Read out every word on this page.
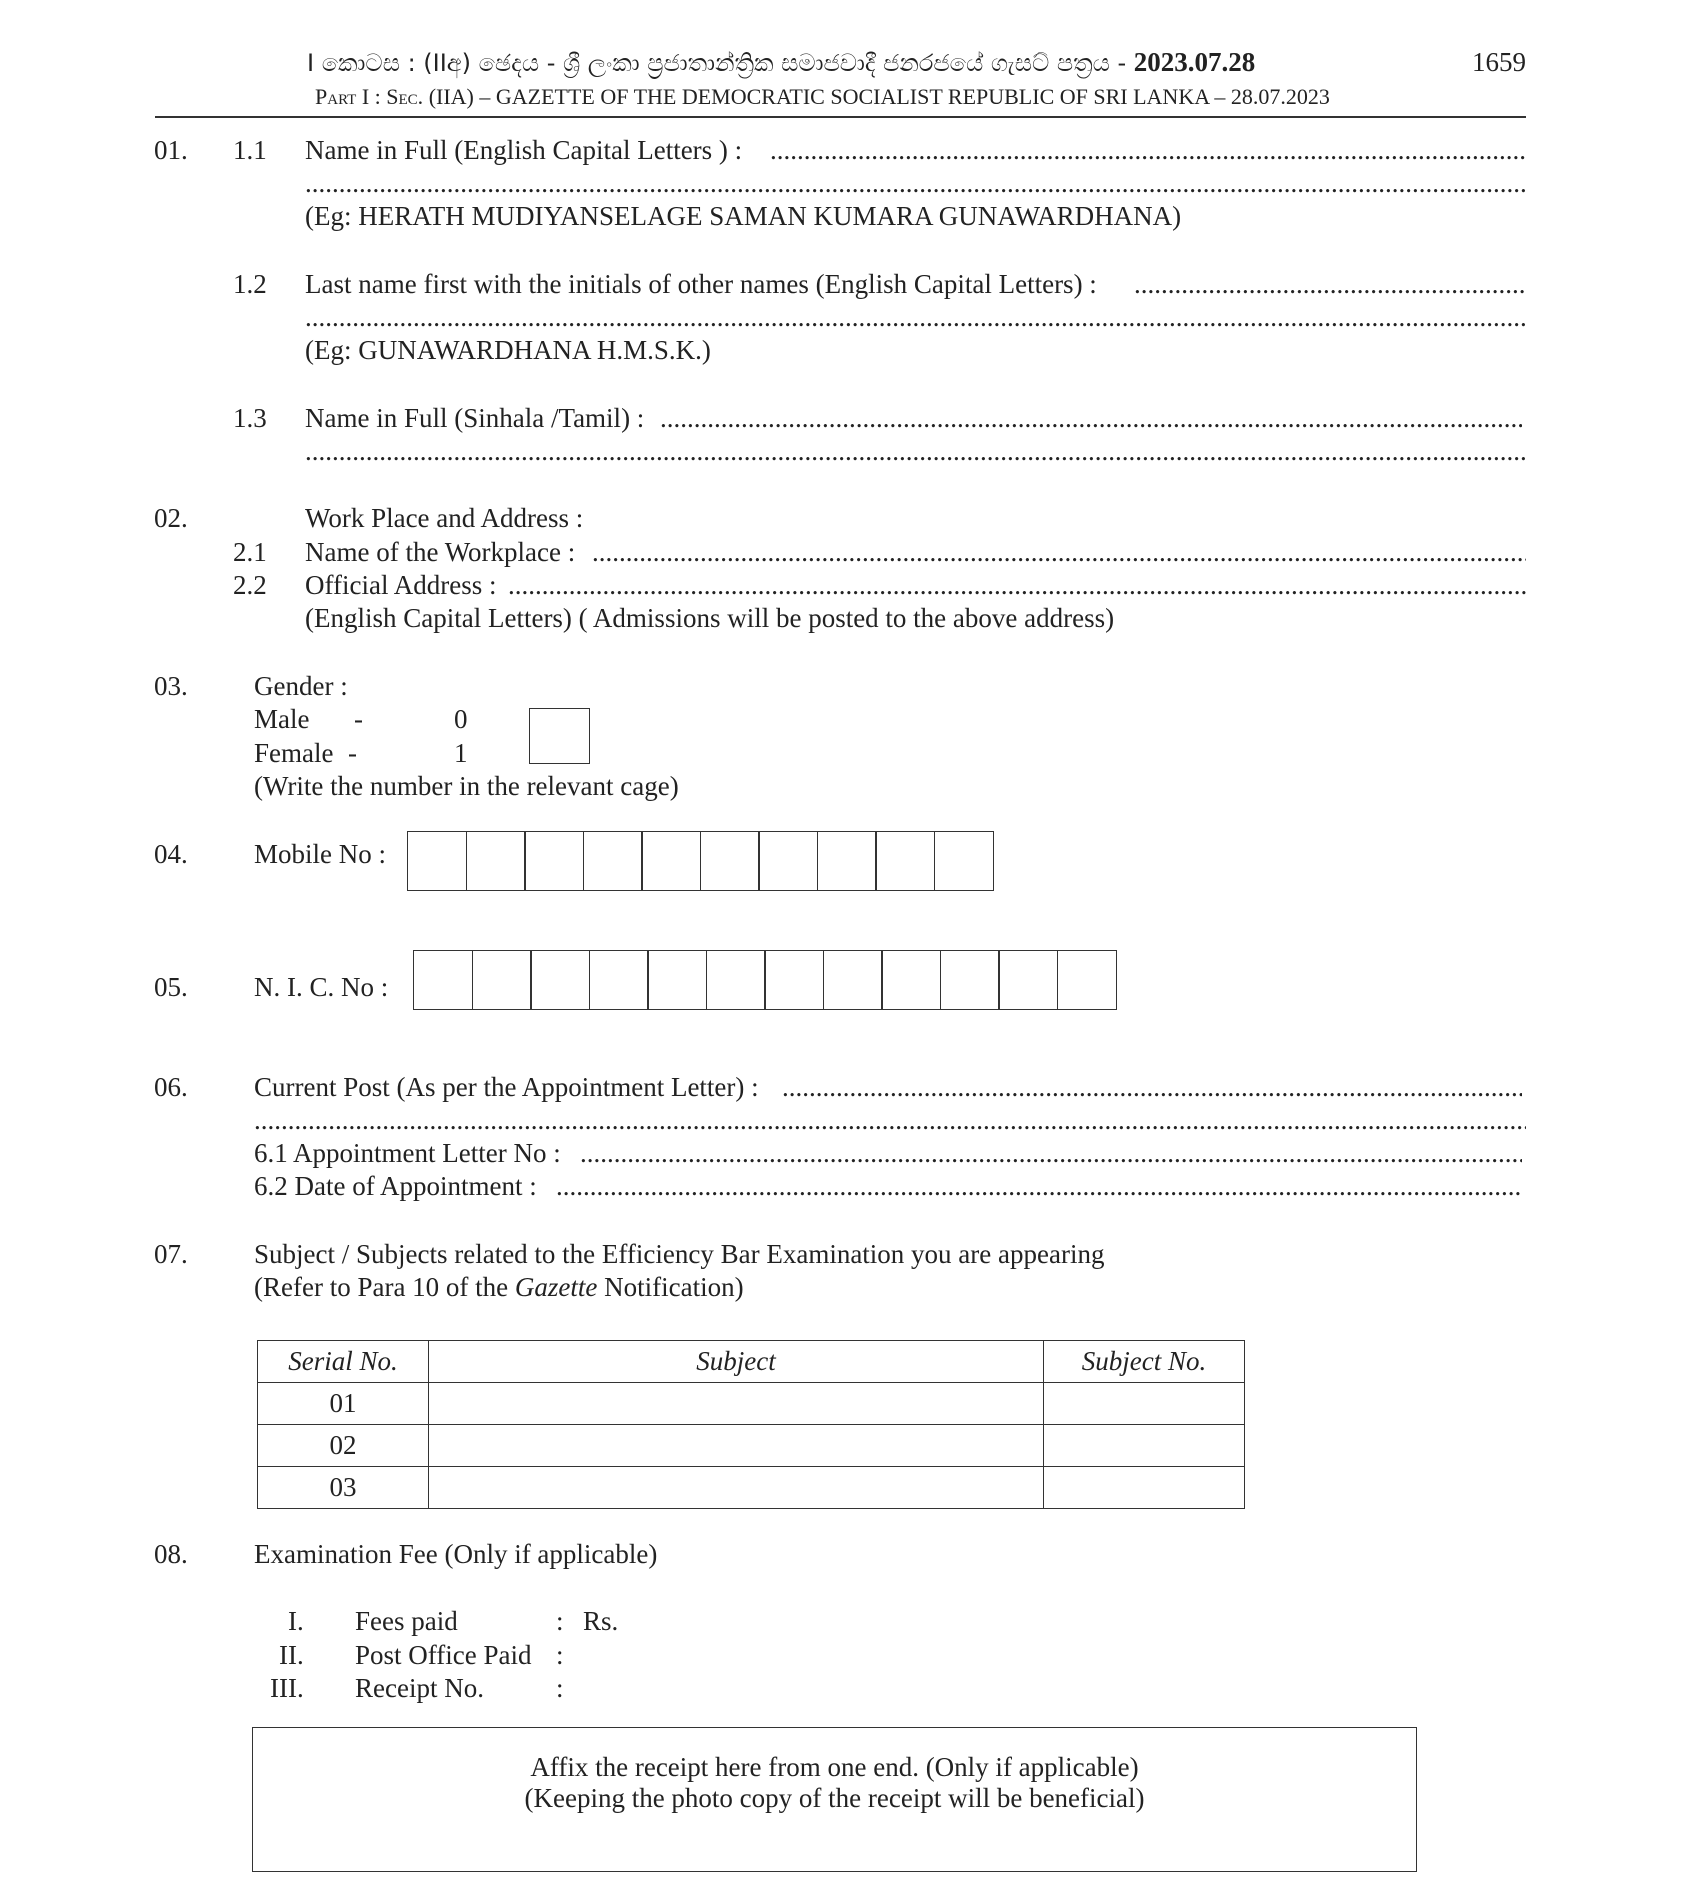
I කොටස : (IIඅ) ඡෙදය - ශ්‍රී ලංකා ප්‍රජාතාන්ත්‍රික සමාජවාදී ජනරජයේ ගැසට් පත්‍රය - 2023.07.28	1659
Part I : Sec. (IIA) – GAZETTE OF THE DEMOCRATIC SOCIALIST REPUBLIC OF SRI LANKA – 28.07.2023
01. 1.1 Name in Full (English Capital Letters ) :
.....
.....
(Eg: HERATH MUDIYANSELAGE SAMAN KUMARA GUNAWARDHANA)
1.2 Last name first with the initials of other names (English Capital Letters) :
.....
.....
(Eg: GUNAWARDHANA H.M.S.K.)
1.3 Name in Full (Sinhala /Tamil) :
.....
.....
02.	Work Place and Address :
2.1 Name of the Workplace :
.....
2.2 Official Address :
.....
(English Capital Letters) ( Admissions will be posted to the above address)
03. Gender :
Male -	0
Female -	1
(Write the number in the relevant cage)
04. Mobile No :
05. N. I. C. No :
06. Current Post (As per the Appointment Letter) :
.....
.....
6.1 Appointment Letter No :
.....
6.2 Date of Appointment :
.....
07. Subject / Subjects related to the Efficiency Bar Examination you are appearing
(Refer to Para 10 of the Gazette Notification)
Serial No.	Subject	Subject No.
01		
02		
03		
08. Examination Fee (Only if applicable)
I. Fees paid	: Rs.
II. Post Office Paid :
III. Receipt No.	:
Affix the receipt here from one end. (Only if applicable)
(Keeping the photo copy of the receipt will be beneficial)
